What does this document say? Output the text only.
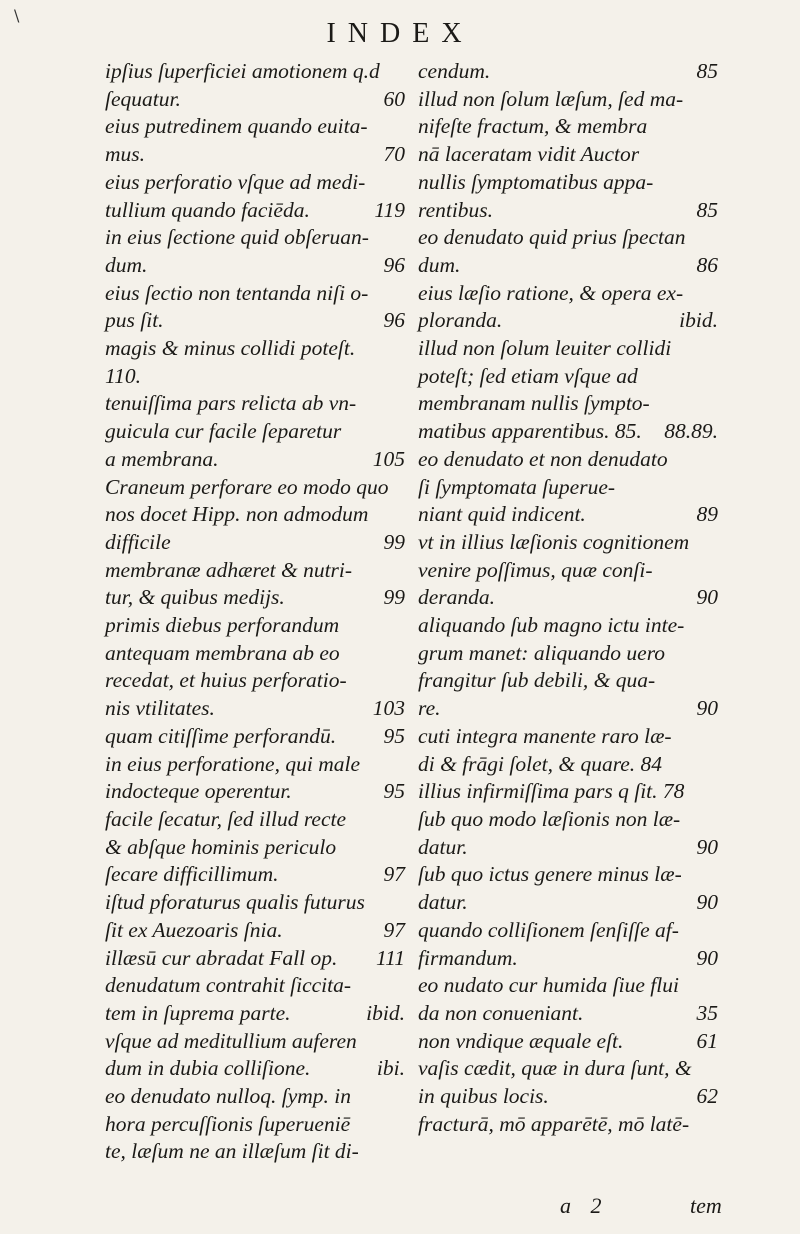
\
INDEX
ipſius ſuperficiei amotionem q.d
60
ſequatur.
eius putredinem quando euita-
70
mus.
eius perforatio vſque ad medi-
119
tullium quando faciēda.
in eius ſectione quid obſeruan-
96
dum.
eius ſectio non tentanda niſi o-
96
pus ſit.
magis & minus collidi poteſt.
110.
tenuiſſima pars relicta ab vn-
guicula cur facile ſeparetur
105
a membrana.
Craneum perforare eo modo quo
nos docet Hipp. non admodum
99
difficile
membranæ adhæret & nutri-
99
tur, & quibus medijs.
primis diebus perforandum
antequam membrana ab eo
recedat, et huius perforatio-
103
nis vtilitates.
95
quam citiſſime perforandū.
in eius perforatione, qui male
95
indocteque operentur.
facile ſecatur, ſed illud recte
& abſque hominis periculo
97
ſecare difficillimum.
iſtud pforaturus qualis futurus
97
ſit ex Auezoaris ſnia.
111
illæsū cur abradat Fall op.
denudatum contrahit ſiccita-
ibid.
tem in ſuprema parte.
vſque ad meditullium auferen
ibi.
dum in dubia colliſione.
eo denudato nulloq. ſymp. in
hora percuſſionis ſuperueniē
te, læſum ne an illæſum ſit di-
85
cendum.
illud non ſolum læſum, ſed ma-
nifeſte fractum, & membra
nā laceratam vidit Auctor
nullis ſymptomatibus appa-
85
rentibus.
eo denudato quid prius ſpectan
86
dum.
eius læſio ratione, & opera ex-
ibid.
ploranda.
illud non ſolum leuiter collidi
poteſt; ſed etiam vſque ad
membranam nullis ſympto-
88.89.
matibus apparentibus. 85.
eo denudato et non denudato
ſi ſymptomata ſuperue-
89
niant quid indicent.
vt in illius læſionis cognitionem
venire poſſimus, quæ conſi-
90
deranda.
aliquando ſub magno ictu inte-
grum manet: aliquando uero
frangitur ſub debili, & qua-
90
re.
cuti integra manente raro læ-
di & frāgi ſolet, & quare. 84
illius infirmiſſima pars q ſit. 78
ſub quo modo læſionis non læ-
90
datur.
ſub quo ictus genere minus læ-
90
datur.
quando colliſionem ſenſiſſe af-
90
firmandum.
eo nudato cur humida ſiue flui
35
da non conueniant.
61
non vndique æquale eſt.
vaſis cædit, quæ in dura ſunt, &
62
in quibus locis.
fracturā, mō apparētē, mō latē-
a 2	tem
